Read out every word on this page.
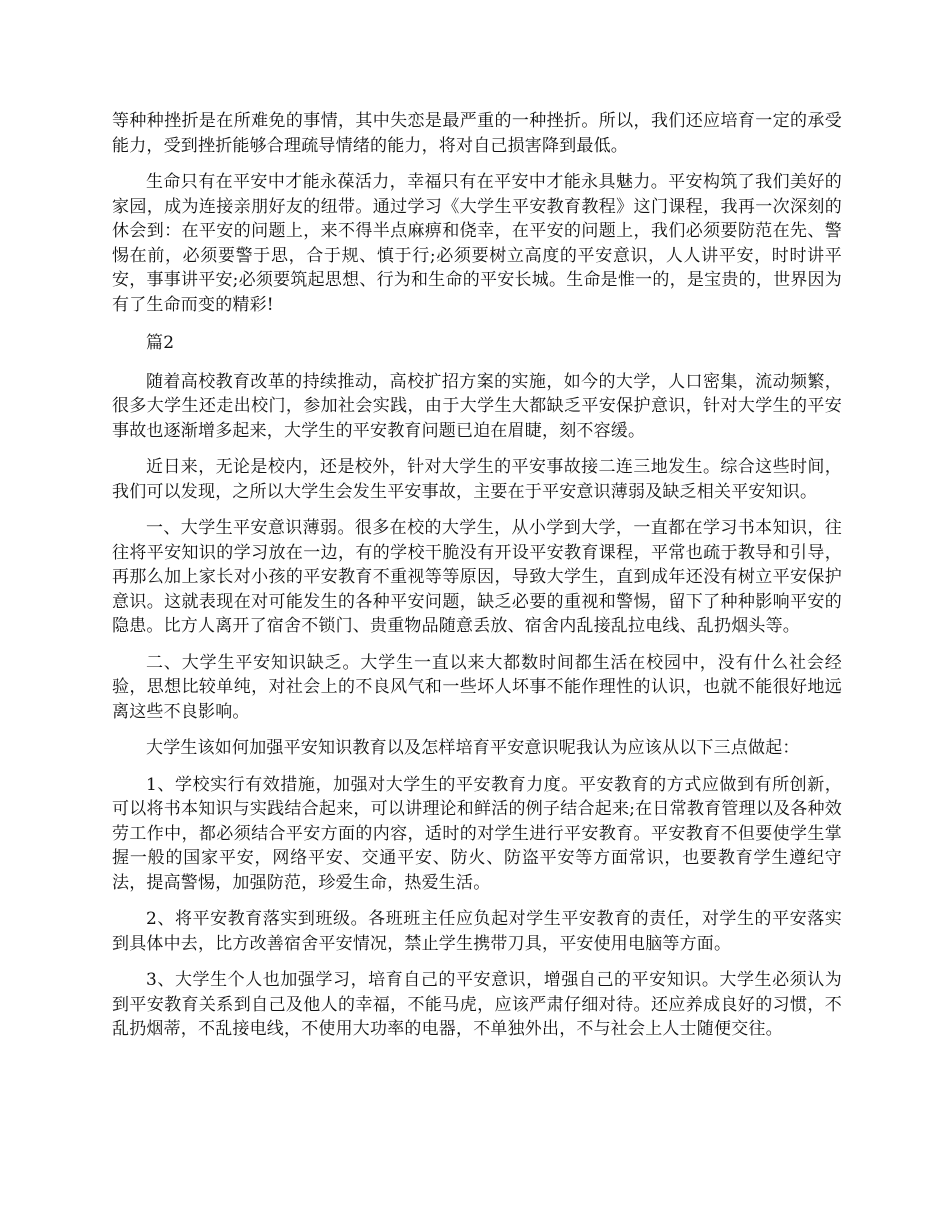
等种种挫折是在所难免的事情，其中失恋是最严重的一种挫折。所以，我们还应培育一定的承受能力，受到挫折能够合理疏导情绪的能力，将对自己损害降到最低。

生命只有在平安中才能永葆活力，幸福只有在平安中才能永具魅力。平安构筑了我们美好的家园，成为连接亲朋好友的纽带。通过学习《大学生平安教育教程》这门课程，我再一次深刻的休会到：在平安的问题上，来不得半点麻痹和侥幸，在平安的问题上，我们必须要防范在先、警惕在前，必须要警于思，合于规、慎于行;必须要树立高度的平安意识，人人讲平安，时时讲平安，事事讲平安;必须要筑起思想、行为和生命的平安长城。生命是惟一的，是宝贵的，世界因为有了生命而变的精彩!

篇2

随着高校教育改革的持续推动，高校扩招方案的实施，如今的大学，人口密集，流动频繁，很多大学生还走出校门，参加社会实践，由于大学生大都缺乏平安保护意识，针对大学生的平安事故也逐渐增多起来，大学生的平安教育问题已迫在眉睫，刻不容缓。

近日来，无论是校内，还是校外，针对大学生的平安事故接二连三地发生。综合这些时间，我们可以发现，之所以大学生会发生平安事故，主要在于平安意识薄弱及缺乏相关平安知识。

一、大学生平安意识薄弱。很多在校的大学生，从小学到大学，一直都在学习书本知识，往往将平安知识的学习放在一边，有的学校干脆没有开设平安教育课程，平常也疏于教导和引导，再那么加上家长对小孩的平安教育不重视等等原因，导致大学生，直到成年还没有树立平安保护意识。这就表现在对可能发生的各种平安问题，缺乏必要的重视和警惕，留下了种种影响平安的隐患。比方人离开了宿舍不锁门、贵重物品随意丢放、宿舍内乱接乱拉电线、乱扔烟头等。

二、大学生平安知识缺乏。大学生一直以来大都数时间都生活在校园中，没有什么社会经验，思想比较单纯，对社会上的不良风气和一些坏人坏事不能作理性的认识，也就不能很好地远离这些不良影响。

大学生该如何加强平安知识教育以及怎样培育平安意识呢我认为应该从以下三点做起：

1、学校实行有效措施，加强对大学生的平安教育力度。平安教育的方式应做到有所创新，可以将书本知识与实践结合起来，可以讲理论和鲜活的例子结合起来;在日常教育管理以及各种效劳工作中，都必须结合平安方面的内容，适时的对学生进行平安教育。平安教育不但要使学生掌握一般的国家平安，网络平安、交通平安、防火、防盗平安等方面常识，也要教育学生遵纪守法，提高警惕，加强防范，珍爱生命，热爱生活。

2、将平安教育落实到班级。各班班主任应负起对学生平安教育的责任，对学生的平安落实到具体中去，比方改善宿舍平安情况，禁止学生携带刀具，平安使用电脑等方面。

3、大学生个人也加强学习，培育自己的平安意识，增强自己的平安知识。大学生必须认为到平安教育关系到自己及他人的幸福，不能马虎，应该严肃仔细对待。还应养成良好的习惯，不乱扔烟蒂，不乱接电线，不使用大功率的电器，不单独外出，不与社会上人士随便交往。
